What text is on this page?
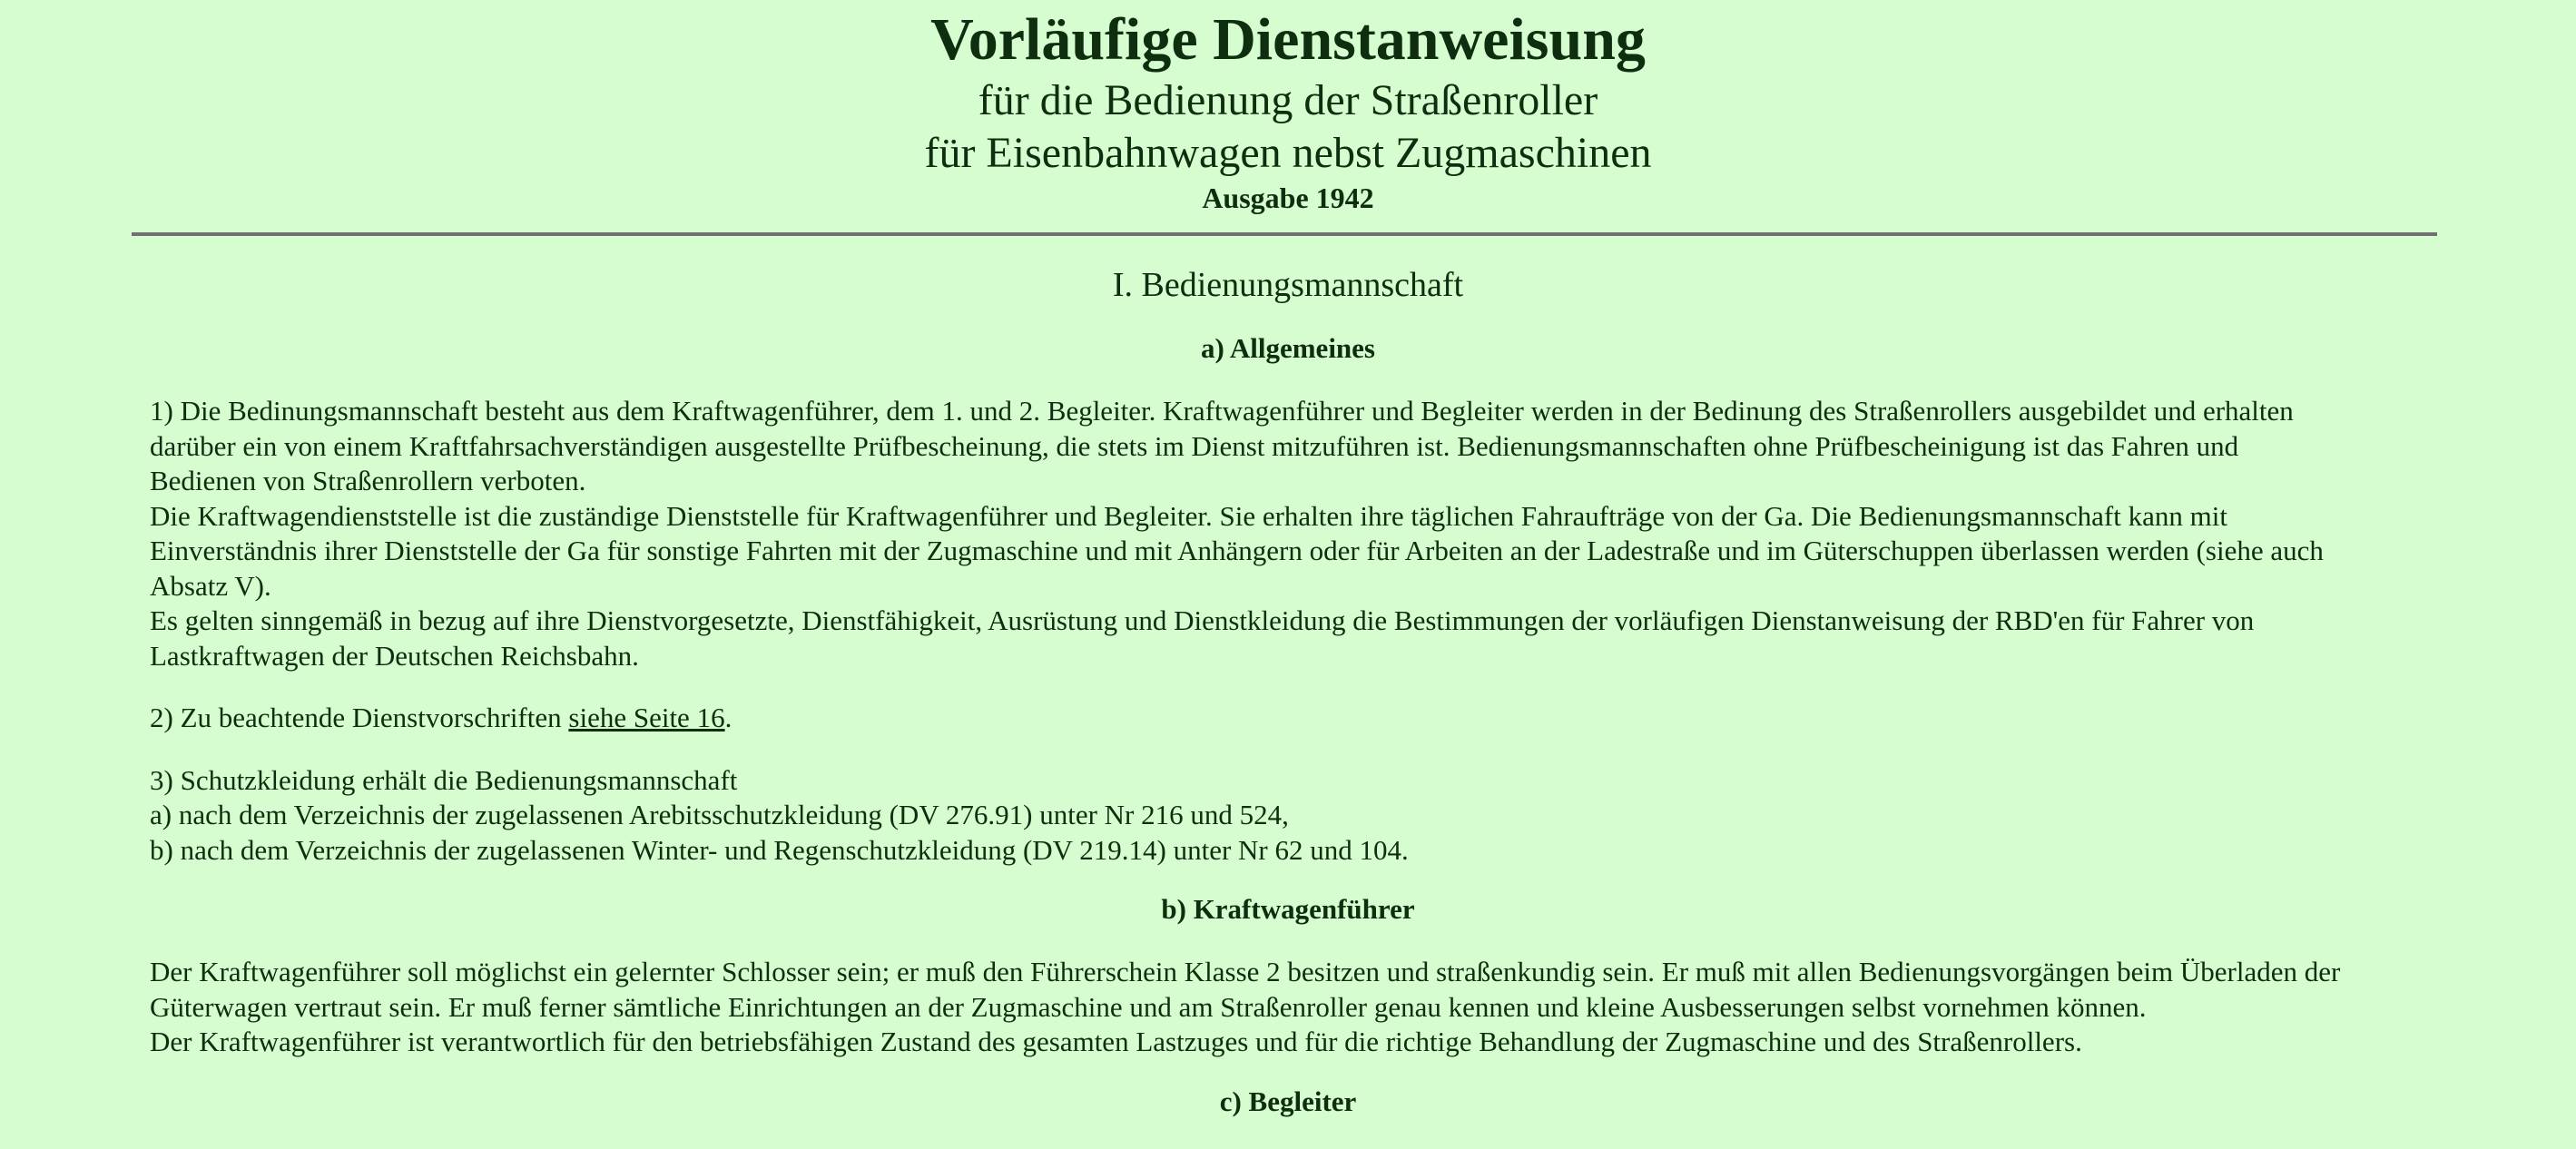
Vorläufige Dienstanweisung
für die Bedienung der Straßenroller
für Eisenbahnwagen nebst Zugmaschinen
Ausgabe 1942
I. Bedienungsmannschaft
a) Allgemeines

1) Die Bedinungsmannschaft besteht aus dem Kraftwagenführer, dem 1. und 2. Begleiter. Kraftwagenführer und Begleiter werden in der Bedinung des Straßenrollers ausgebildet und erhalten
darüber ein von einem Kraftfahrsachverständigen ausgestellte Prüfbescheinung, die stets im Dienst mitzuführen ist. Bedienungsmannschaften ohne Prüfbescheinigung ist das Fahren und
Bedienen von Straßenrollern verboten.
Die Kraftwagendienststelle ist die zuständige Dienststelle für Kraftwagenführer und Begleiter. Sie erhalten ihre täglichen Fahraufträge von der Ga. Die Bedienungsmannschaft kann mit
Einverständnis ihrer Dienststelle der Ga für sonstige Fahrten mit der Zugmaschine und mit Anhängern oder für Arbeiten an der Ladestraße und im Güterschuppen überlassen werden (siehe auch
Absatz V).
Es gelten sinngemäß in bezug auf ihre Dienstvorgesetzte, Dienstfähigkeit, Ausrüstung und Dienstkleidung die Bestimmungen der vorläufigen Dienstanweisung der RBD'en für Fahrer von
Lastkraftwagen der Deutschen Reichsbahn.

2) Zu beachtende Dienstvorschriften siehe Seite 16.

3) Schutzkleidung erhält die Bedienungsmannschaft
a) nach dem Verzeichnis der zugelassenen Arebitsschutzkleidung (DV 276.91) unter Nr 216 und 524,
b) nach dem Verzeichnis der zugelassenen Winter- und Regenschutzkleidung (DV 219.14) unter Nr 62 und 104.

b) Kraftwagenführer

Der Kraftwagenführer soll möglichst ein gelernter Schlosser sein; er muß den Führerschein Klasse 2 besitzen und straßenkundig sein. Er muß mit allen Bedienungsvorgängen beim Überladen der
Güterwagen vertraut sein. Er muß ferner sämtliche Einrichtungen an der Zugmaschine und am Straßenroller genau kennen und kleine Ausbesserungen selbst vornehmen können.
Der Kraftwagenführer ist verantwortlich für den betriebsfähigen Zustand des gesamten Lastzuges und für die richtige Behandlung der Zugmaschine und des Straßenrollers.

c) Begleiter
